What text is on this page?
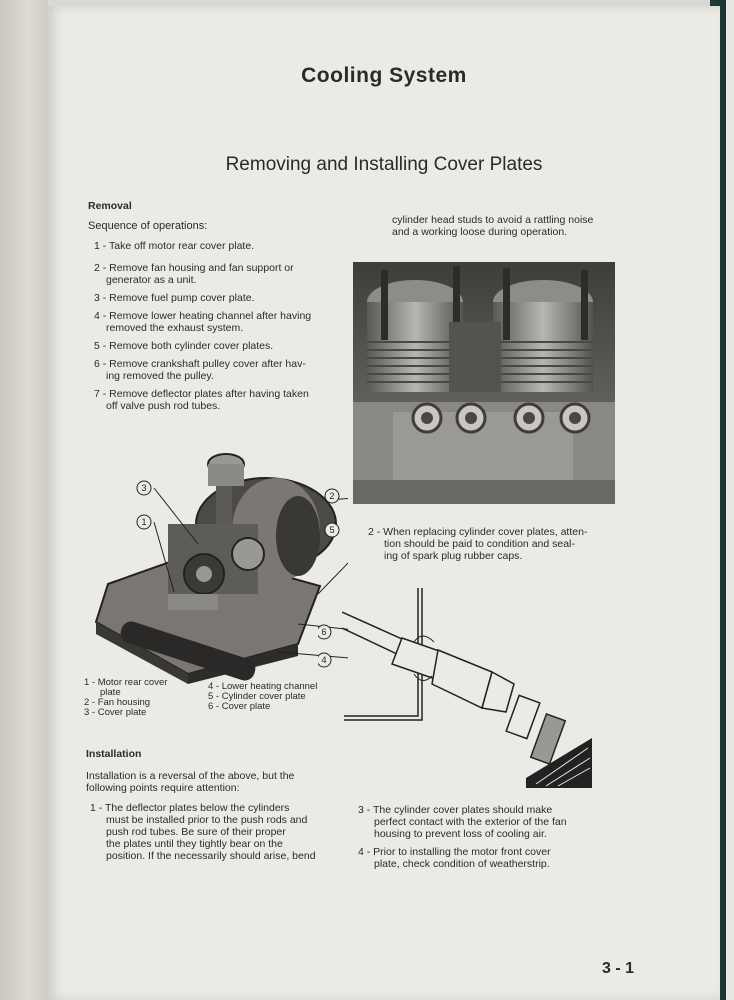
Cooling System
Removing and Installing Cover Plates
Removal
Sequence of operations:
1 - Take off motor rear cover plate.
2 - Remove fan housing and fan support or
generator as a unit.
3 - Remove fuel pump cover plate.
4 - Remove lower heating channel after having
removed the exhaust system.
5 - Remove both cylinder cover plates.
6 - Remove crankshaft pulley cover after hav-
ing removed the pulley.
7 - Remove deflector plates after having taken
off valve push rod tubes.
cylinder head studs to avoid a rattling noise
and a working loose during operation.
3
1
2
5
6
4
2 - When replacing cylinder cover plates, atten-
tion should be paid to condition and seal-
ing of spark plug rubber caps.
1 - Motor rear cover
plate
2 - Fan housing
3 - Cover plate
4 - Lower heating channel
5 - Cylinder cover plate
6 - Cover plate
Installation
Installation is a reversal of the above, but the
following points require attention:
1 - The deflector plates below the cylinders
must be installed prior to the push rods and
push rod tubes. Be sure of their proper
the plates until they tightly bear on the
position. If the necessarily should arise, bend
3 - The cylinder cover plates should make
perfect contact with the exterior of the fan
housing to prevent loss of cooling air.
4 - Prior to installing the motor front cover
plate, check condition of weatherstrip.
3 - 1
